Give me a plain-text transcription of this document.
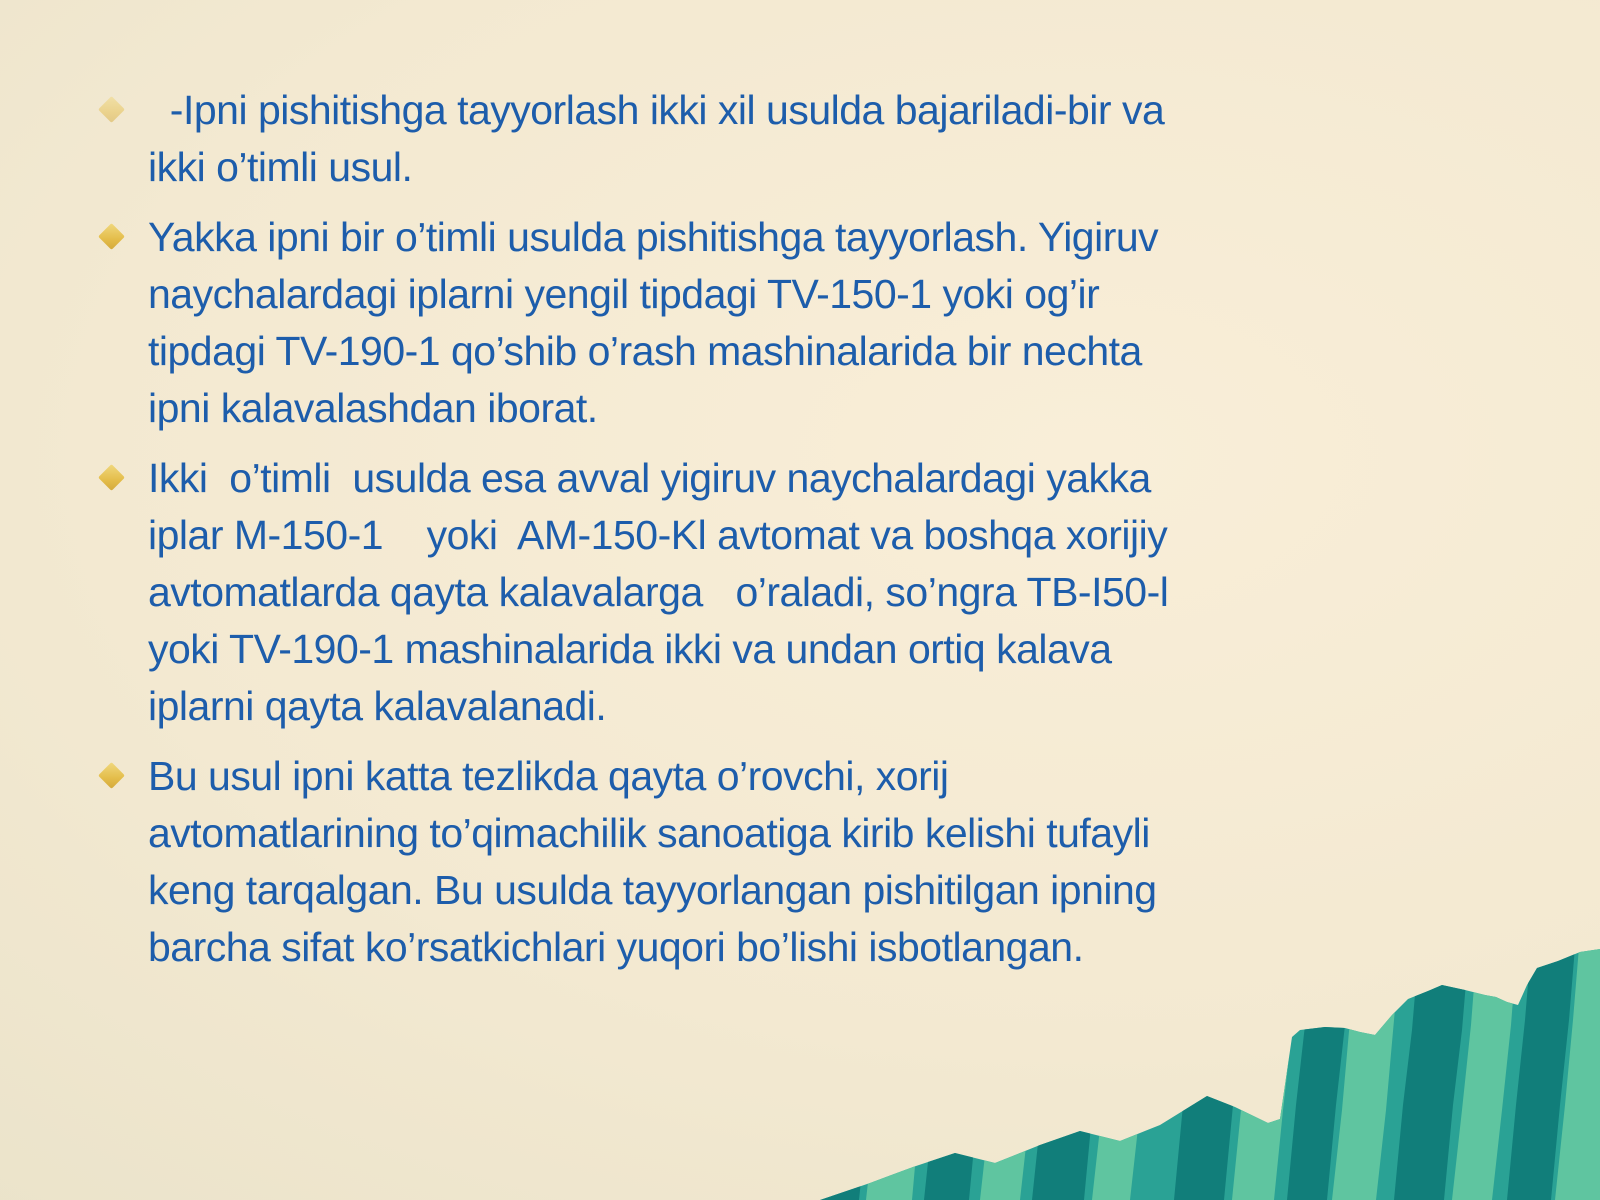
-Ipni pishitishga tayyorlash ikki xil usulda bajariladi-bir va
ikki o’timli usul.
Yakka ipni bir o’timli usulda pishitishga tayyorlash. Yigiruv
naychalardagi iplarni yengil tipdagi TV-150-1 yoki og’ir
tipdagi TV-190-1 qo’shib o’rash mashinalarida bir nechta
ipni kalavalashdan iborat.
Ikki  o’timli  usulda esa avval yigiruv naychalardagi yakka
iplar M-150-1    yoki  AM-150-Kl avtomat va boshqa xorijiy
avtomatlarda qayta kalavalarga   o’raladi, so’ngra TB-I50-l
yoki TV-190-1 mashinalarida ikki va undan ortiq kalava
iplarni qayta kalavalanadi.
Bu usul ipni katta tezlikda qayta o’rovchi, xorij
avtomatlarining to’qimachilik sanoatiga kirib kelishi tufayli
keng tarqalgan. Bu usulda tayyorlangan pishitilgan ipning
barcha sifat ko’rsatkichlari yuqori bo’lishi isbotlangan.
